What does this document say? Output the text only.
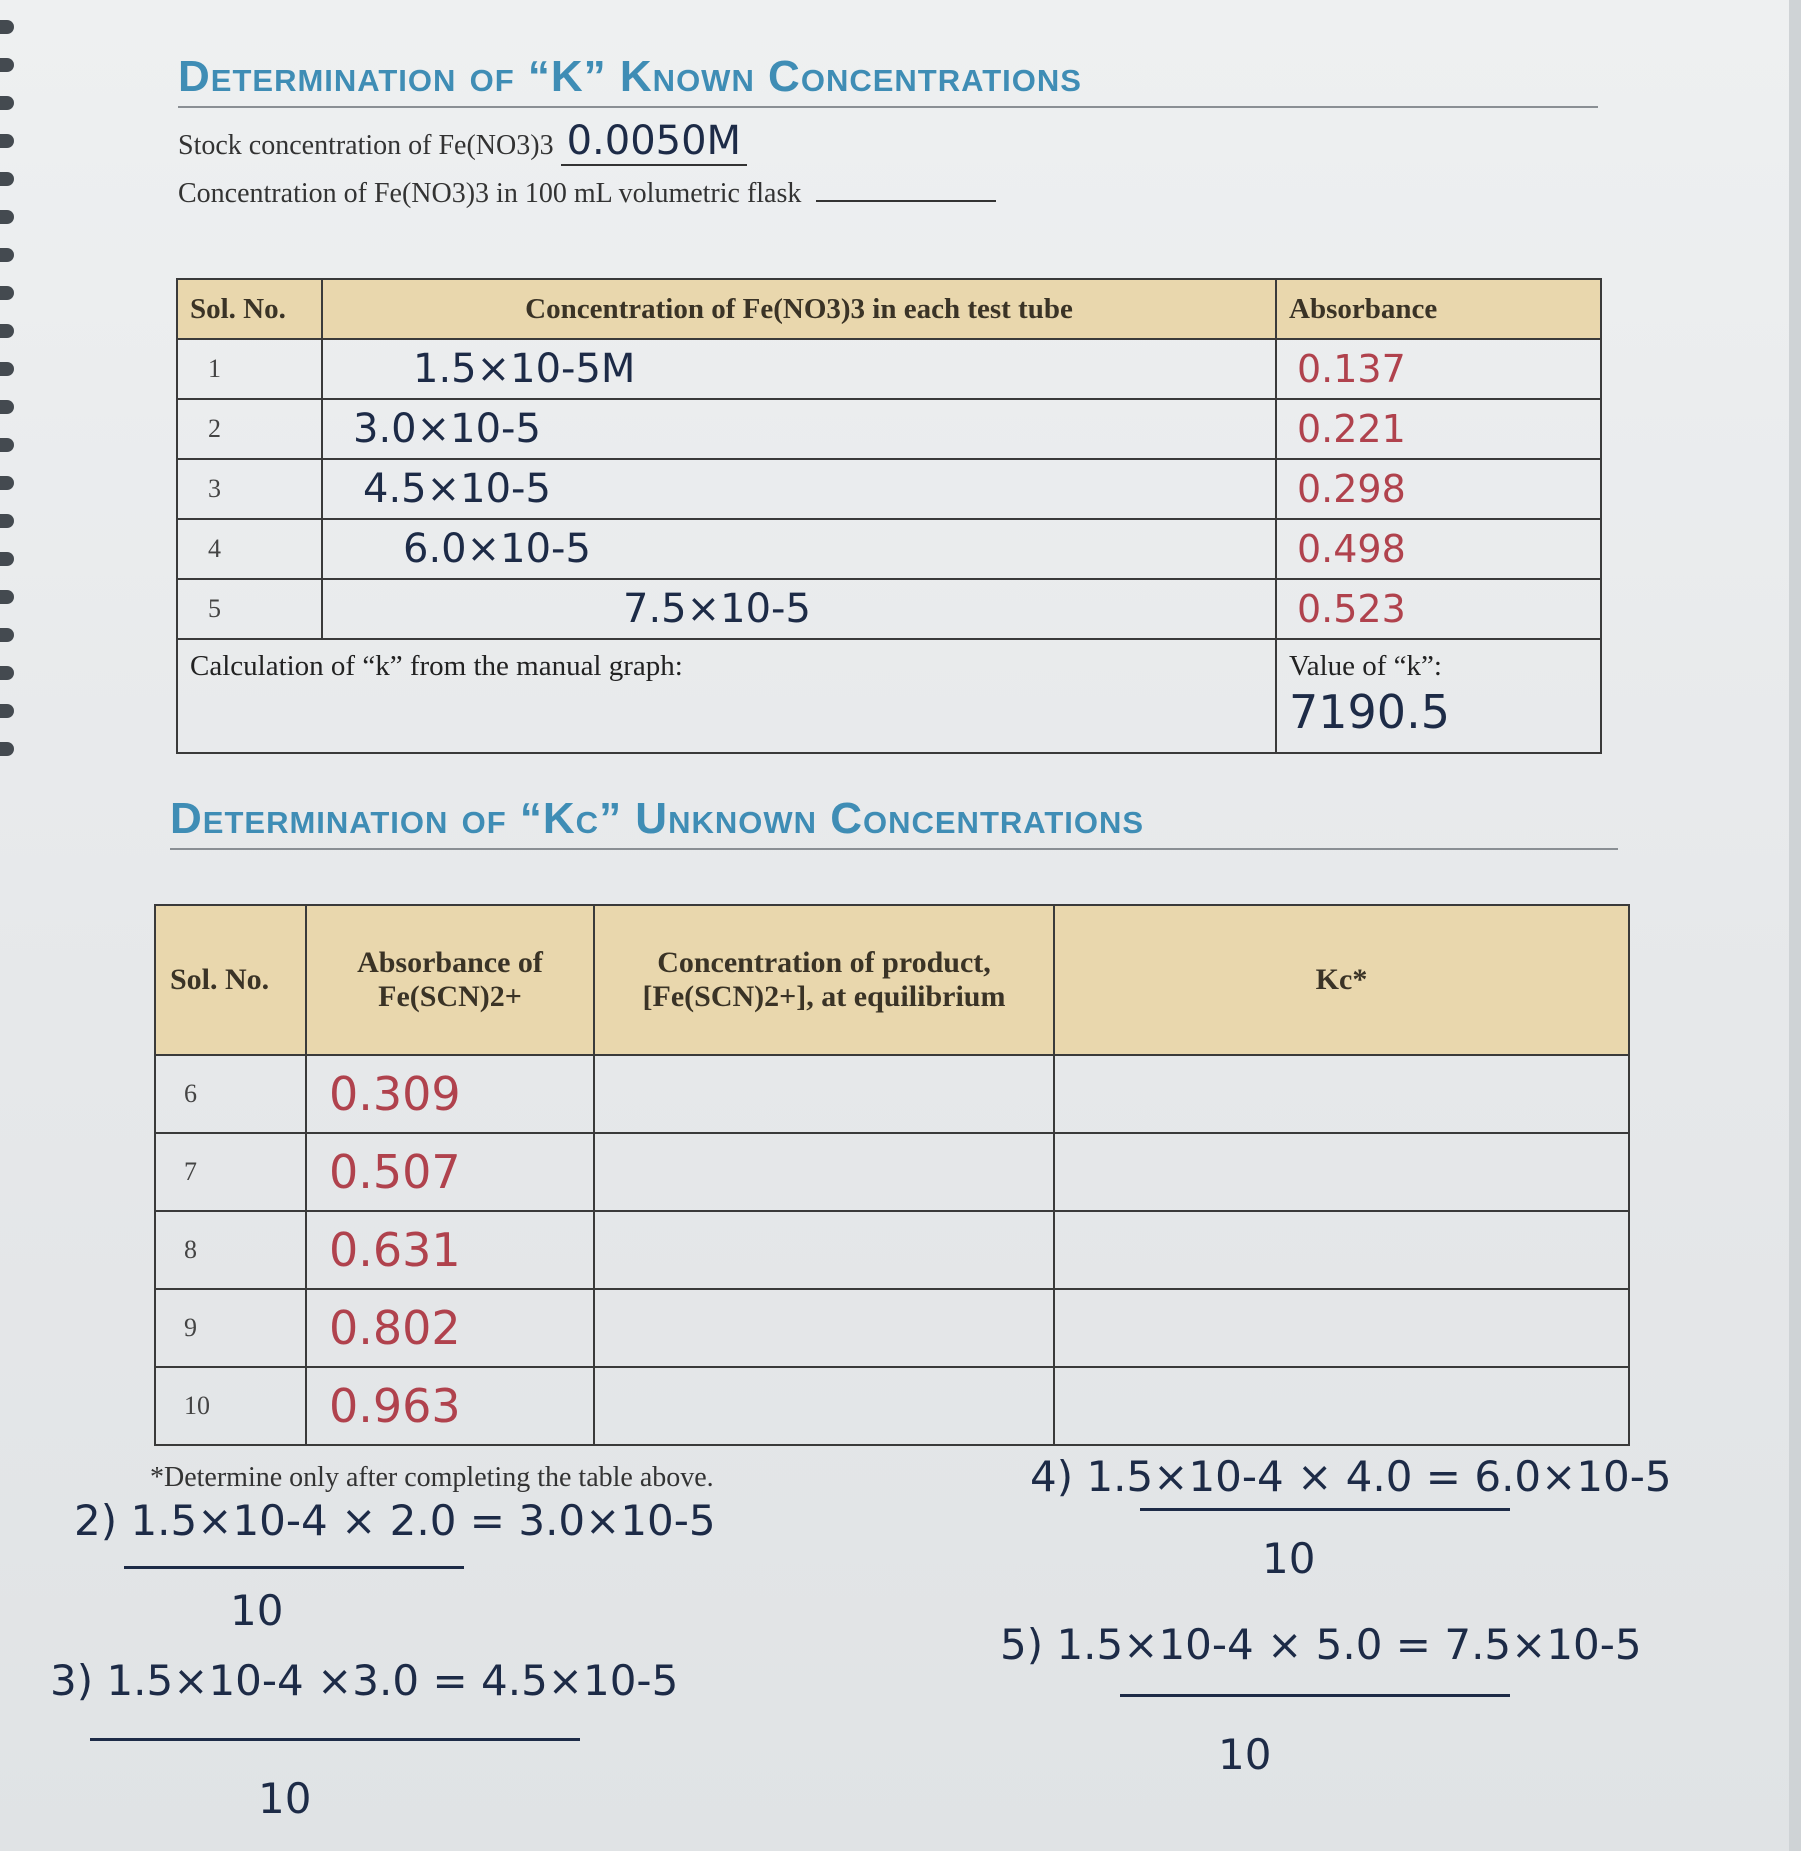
Determination of “K” Known Concentrations
Stock concentration of Fe(NO3)3 0.0050M
Concentration of Fe(NO3)3 in 100 mL volumetric flask
Sol. No.	Concentration of Fe(NO3)3 in each test tube	Absorbance
1	1.5×10-5M	0.137
2	3.0×10-5	0.221
3	4.5×10-5	0.298
4	6.0×10-5	0.498
5	7.5×10-5	0.523
Calculation of “k” from the manual graph:		Value of “k”:
7190.5
Determination of “Kc” Unknown Concentrations
Sol. No.	Absorbance of Fe(SCN)2+	Concentration of product, [Fe(SCN)2+], at equilibrium	Kc*
6	0.309		
7	0.507		
8	0.631		
9	0.802		
10	0.963		
*Determine only after completing the table above.
2) 1.5×10-4 × 2.0 = 3.0×10-5
10
3) 1.5×10-4 ×3.0 = 4.5×10-5
10
4) 1.5×10-4 × 4.0 = 6.0×10-5
10
5) 1.5×10-4 × 5.0 = 7.5×10-5
10
